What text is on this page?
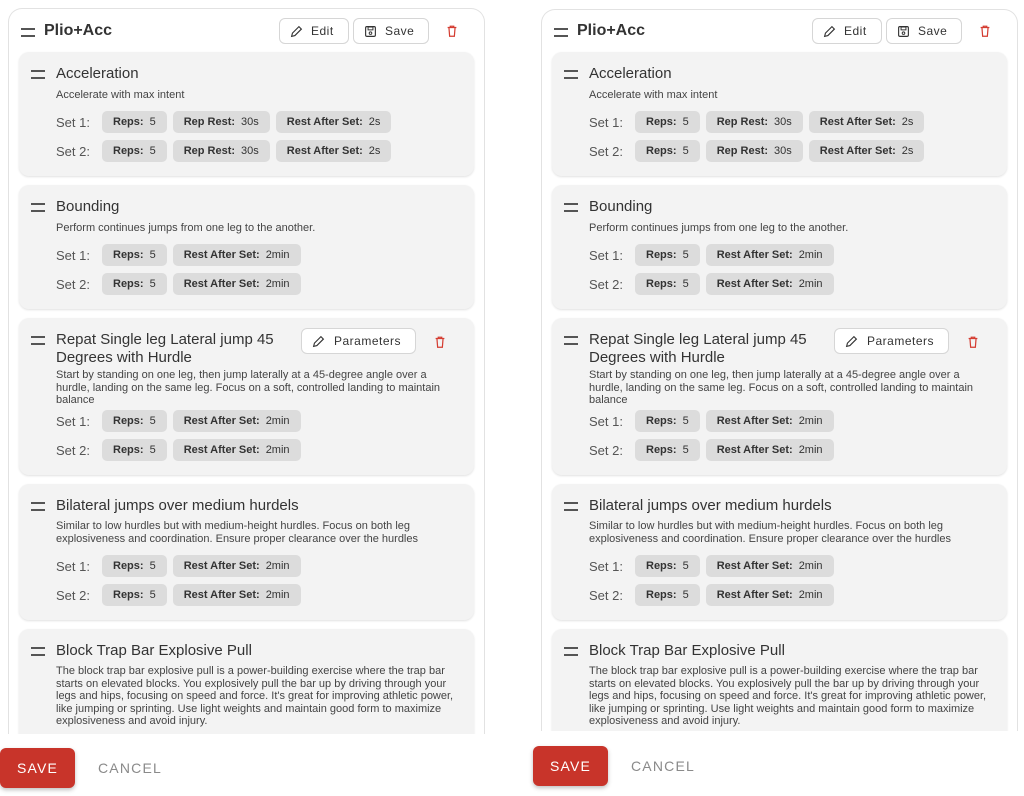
Plio+Acc	Edit	Save
Acceleration
Accelerate with max intent
Set 1:	Reps: 5	Rep Rest: 30s	Rest After Set: 2s
Set 2:	Reps: 5	Rep Rest: 30s	Rest After Set: 2s
Bounding
Perform continues jumps from one leg to the another.
Set 1:	Reps: 5	Rest After Set: 2min
Set 2:	Reps: 5	Rest After Set: 2min
Repat Single leg Lateral jump 45 Degrees with Hurdle
Parameters
Start by standing on one leg, then jump laterally at a 45-degree angle over a hurdle, landing on the same leg. Focus on a soft, controlled landing to maintain balance
Set 1:	Reps: 5	Rest After Set: 2min
Set 2:	Reps: 5	Rest After Set: 2min
Bilateral jumps over medium hurdels
Similar to low hurdles but with medium-height hurdles. Focus on both leg explosiveness and coordination. Ensure proper clearance over the hurdles
Set 1:	Reps: 5	Rest After Set: 2min
Set 2:	Reps: 5	Rest After Set: 2min
Block Trap Bar Explosive Pull
The block trap bar explosive pull is a power-building exercise where the trap bar starts on elevated blocks. You explosively pull the bar up by driving through your legs and hips, focusing on speed and force. It's great for improving athletic power, like jumping or sprinting. Use light weights and maintain good form to maximize explosiveness and avoid injury.
SAVE	CANCEL
Plio+Acc	Edit	Save
Acceleration
Accelerate with max intent
Set 1:	Reps: 5	Rep Rest: 30s	Rest After Set: 2s
Set 2:	Reps: 5	Rep Rest: 30s	Rest After Set: 2s
Bounding
Perform continues jumps from one leg to the another.
Set 1:	Reps: 5	Rest After Set: 2min
Set 2:	Reps: 5	Rest After Set: 2min
Repat Single leg Lateral jump 45 Degrees with Hurdle
Parameters
Start by standing on one leg, then jump laterally at a 45-degree angle over a hurdle, landing on the same leg. Focus on a soft, controlled landing to maintain balance
Set 1:	Reps: 5	Rest After Set: 2min
Set 2:	Reps: 5	Rest After Set: 2min
Bilateral jumps over medium hurdels
Similar to low hurdles but with medium-height hurdles. Focus on both leg explosiveness and coordination. Ensure proper clearance over the hurdles
Set 1:	Reps: 5	Rest After Set: 2min
Set 2:	Reps: 5	Rest After Set: 2min
Block Trap Bar Explosive Pull
The block trap bar explosive pull is a power-building exercise where the trap bar starts on elevated blocks. You explosively pull the bar up by driving through your legs and hips, focusing on speed and force. It's great for improving athletic power, like jumping or sprinting. Use light weights and maintain good form to maximize explosiveness and avoid injury.
SAVE	CANCEL
